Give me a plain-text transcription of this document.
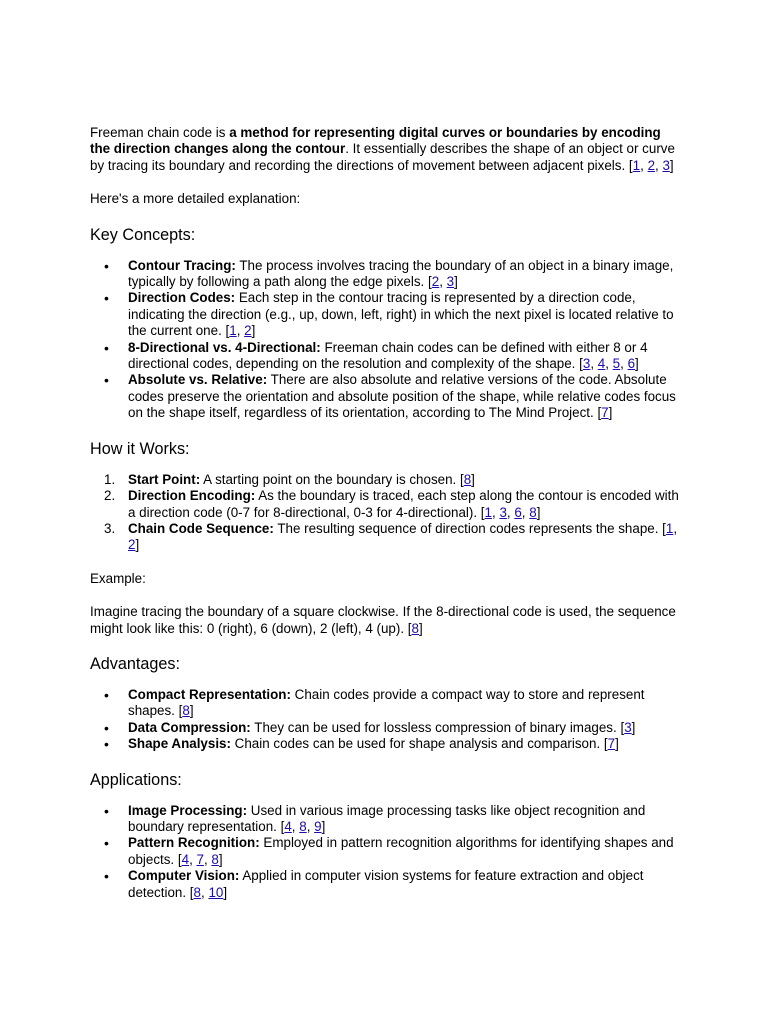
Freeman chain code is a method for representing digital curves or boundaries by encoding the direction changes along the contour. It essentially describes the shape of an object or curve by tracing its boundary and recording the directions of movement between adjacent pixels. [1, 2, 3]

Here's a more detailed explanation:

Key Concepts:
• Contour Tracing: The process involves tracing the boundary of an object in a binary image, typically by following a path along the edge pixels. [2, 3]
• Direction Codes: Each step in the contour tracing is represented by a direction code, indicating the direction (e.g., up, down, left, right) in which the next pixel is located relative to the current one. [1, 2]
• 8-Directional vs. 4-Directional: Freeman chain codes can be defined with either 8 or 4 directional codes, depending on the resolution and complexity of the shape. [3, 4, 5, 6]
• Absolute vs. Relative: There are also absolute and relative versions of the code. Absolute codes preserve the orientation and absolute position of the shape, while relative codes focus on the shape itself, regardless of its orientation, according to The Mind Project. [7]
How it Works:
1. Start Point: A starting point on the boundary is chosen. [8]
2. Direction Encoding: As the boundary is traced, each step along the contour is encoded with a direction code (0-7 for 8-directional, 0-3 for 4-directional). [1, 3, 6, 8]
3. Chain Code Sequence: The resulting sequence of direction codes represents the shape. [1, 2]

Example:

Imagine tracing the boundary of a square clockwise. If the 8-directional code is used, the sequence might look like this: 0 (right), 6 (down), 2 (left), 4 (up). [8]

Advantages:
• Compact Representation: Chain codes provide a compact way to store and represent shapes. [8]
• Data Compression: They can be used for lossless compression of binary images. [3]
• Shape Analysis: Chain codes can be used for shape analysis and comparison. [7]
Applications:
• Image Processing: Used in various image processing tasks like object recognition and boundary representation. [4, 8, 9]
• Pattern Recognition: Employed in pattern recognition algorithms for identifying shapes and objects. [4, 7, 8]
• Computer Vision: Applied in computer vision systems for feature extraction and object detection. [8, 10]
